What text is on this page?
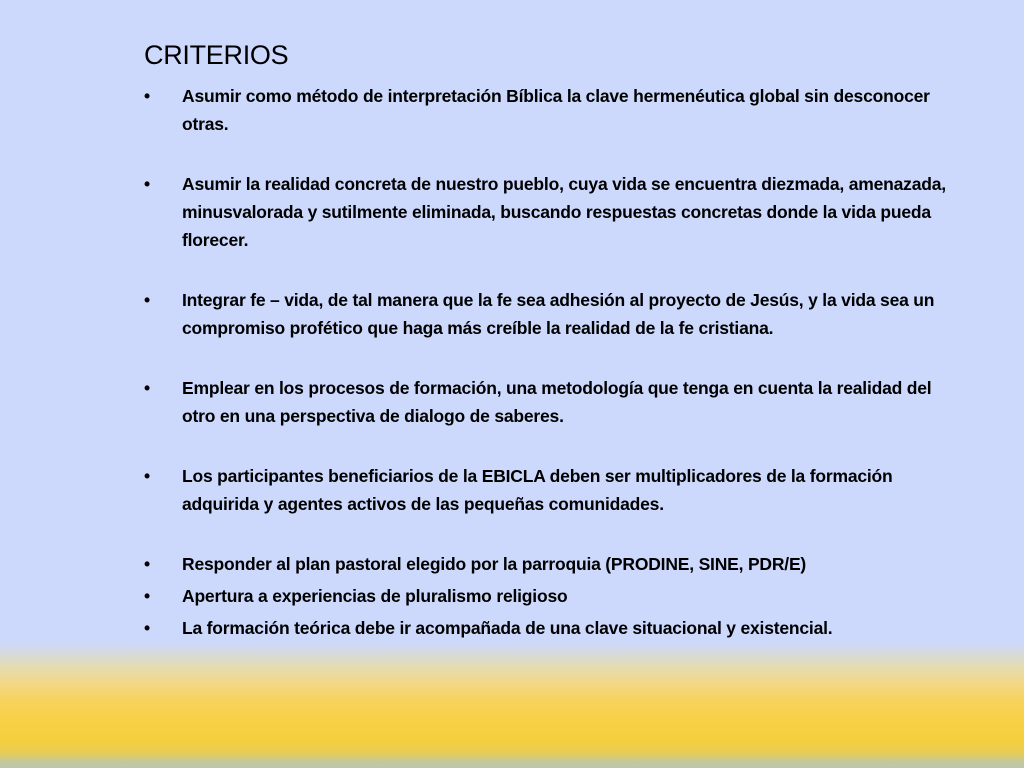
CRITERIOS
• Asumir como método de interpretación Bíblica la clave hermenéutica global sin desconocer otras.
• Asumir la realidad concreta de nuestro pueblo, cuya vida se encuentra diezmada, amenazada, minusvalorada y sutilmente eliminada, buscando respuestas concretas donde la vida pueda florecer.
• Integrar fe – vida, de tal manera que la fe sea adhesión al proyecto de Jesús, y la vida sea un compromiso profético que haga más creíble la realidad de la fe cristiana.
• Emplear en los procesos de formación, una metodología que tenga en cuenta la realidad del otro en una perspectiva de dialogo de saberes.
• Los participantes beneficiarios de la EBICLA deben ser multiplicadores de la formación adquirida y agentes activos de las pequeñas comunidades.
• Responder al plan pastoral elegido por la parroquia (PRODINE, SINE, PDR/E)
• Apertura a experiencias de pluralismo religioso
• La formación teórica debe ir acompañada de una clave situacional y existencial.
